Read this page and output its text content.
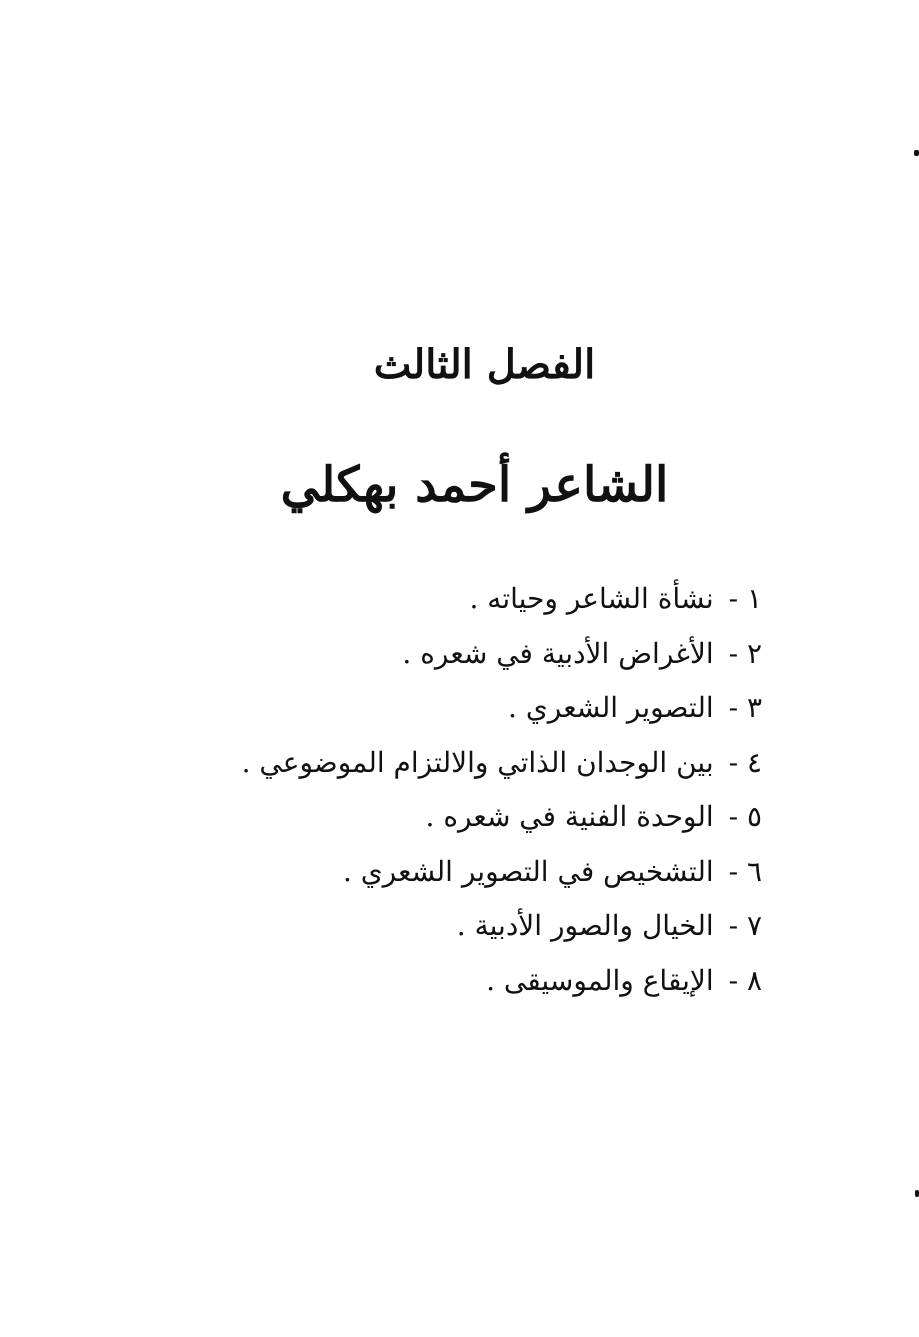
الفصل الثالث
الشاعر أحمد بهكلي
١ - نشأة الشاعر وحياته .
٢ - الأغراض الأدبية في شعره .
٣ - التصوير الشعري .
٤ - بين الوجدان الذاتي والالتزام الموضوعي .
٥ - الوحدة الفنية في شعره .
٦ - التشخيص في التصوير الشعري .
٧ - الخيال والصور الأدبية .
٨ - الإيقاع والموسيقى .
